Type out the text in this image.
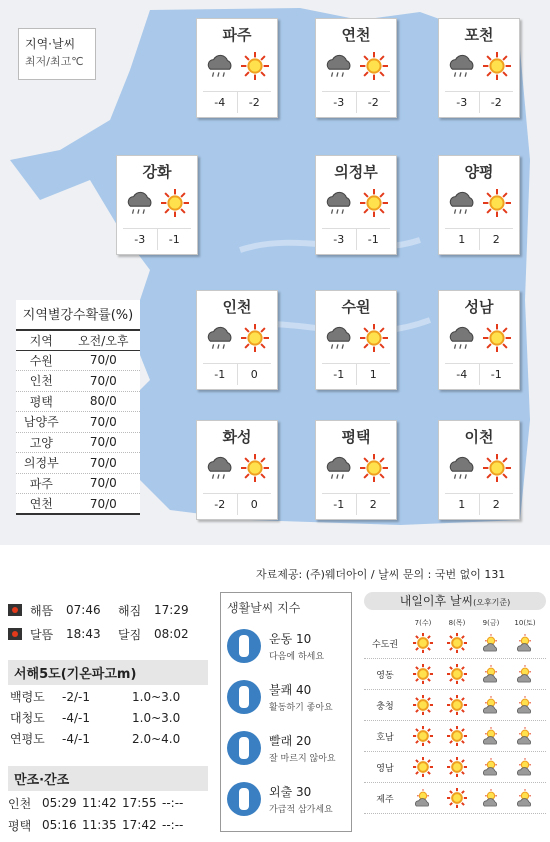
지역·날씨
최저/최고℃
파주
-4	-2
연천
-3	-2
포천
-3	-2
강화
-3	-1
의정부
-3	-1
양평
1	2
인천
-1	0
수원
-1	1
성남
-4	-1
화성
-2	0
평택
-1	2
이천
1	2
지역별강수확률(%)
지역	오전/오후
수원	70/0
인천	70/0
평택	80/0
남양주	70/0
고양	70/0
의정부	70/0
파주	70/0
연천	70/0
자료제공: (주)웨더아이 / 날씨 문의 : 국번 없이 131
해뜸	07:46	해짐	17:29
달뜸	18:43	달짐	08:02
서해5도(기온파고m)
백령도	-2/-1	1.0~3.0
대청도	-4/-1	1.0~3.0
연평도	-4/-1	2.0~4.0
만조·간조
인천 05:29 11:42 17:55 --:--
평택 05:16 11:35 17:42 --:--
생활날씨 지수
운동 10
다음에 하세요
불쾌 40
활동하기 좋아요
빨래 20
잘 마르지 않아요
외출 30
가급적 삼가세요
내일이후 날씨(오후기준)
7(수)	8(목)	9(금)	10(토)
수도권
영동
충청
호남
영남
제주
